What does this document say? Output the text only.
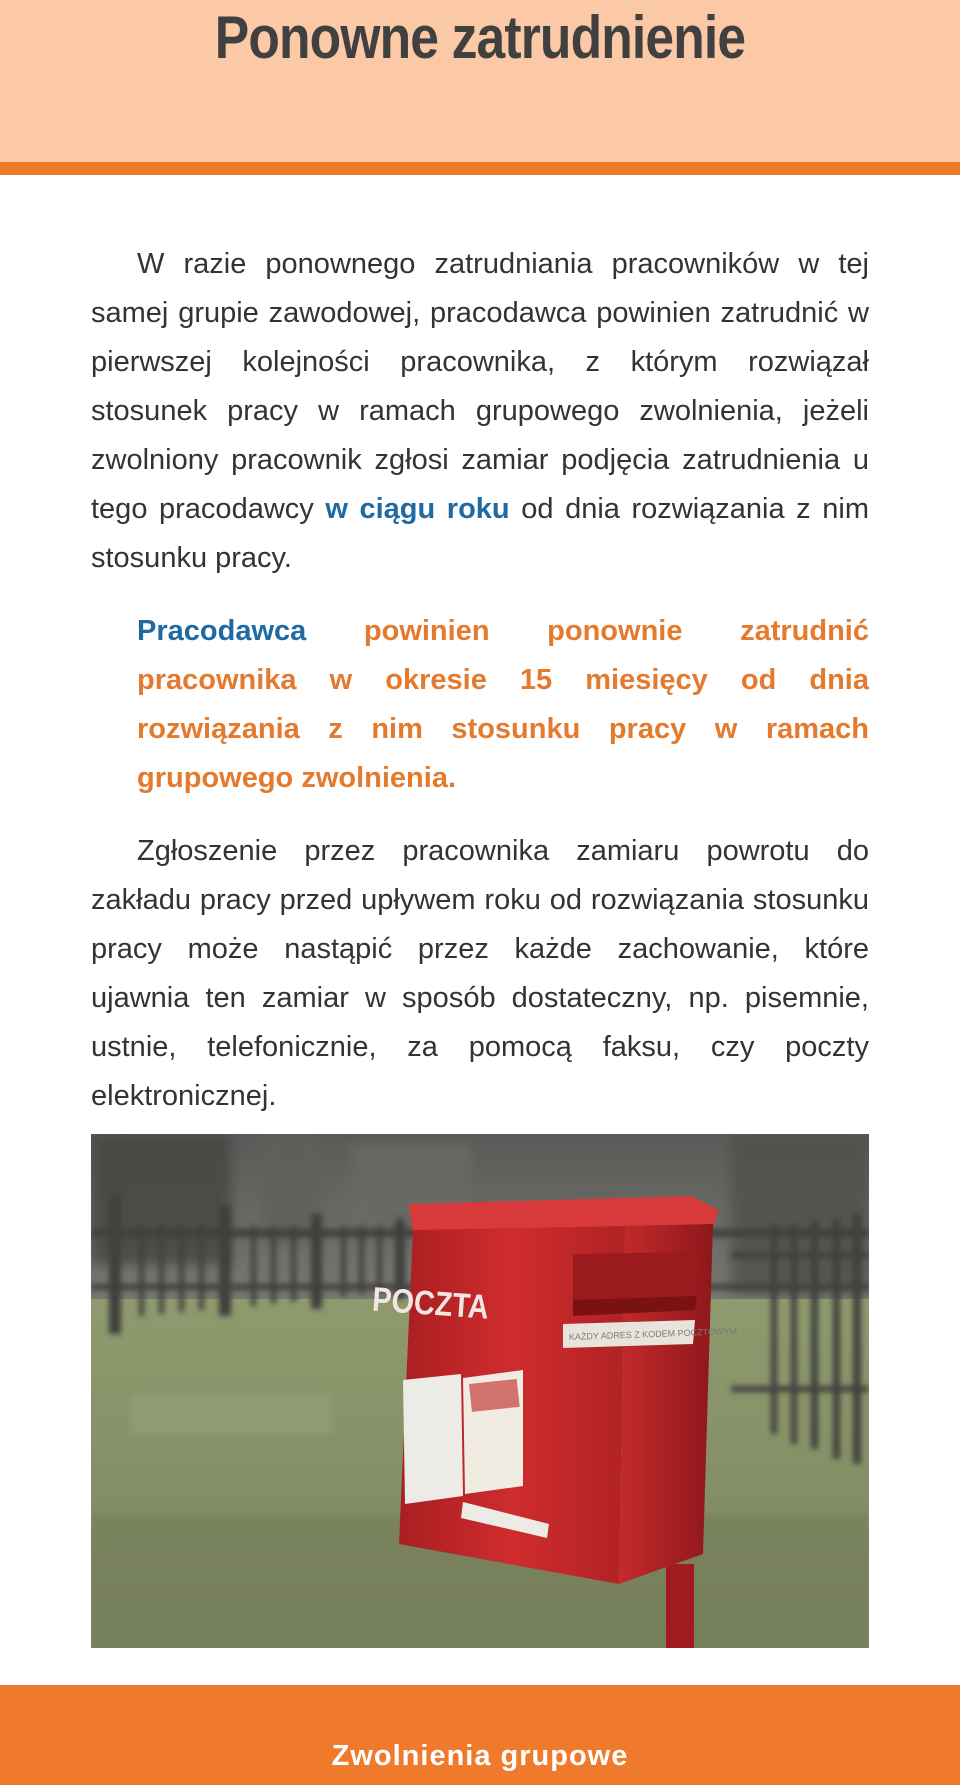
Ponowne zatrudnienie

W razie ponownego zatrudniania pracowników w tej samej grupie zawodowej, pracodawca powinien zatrudnić w pierwszej kolejności pracownika, z którym rozwiązał stosunek pracy w ramach grupowego zwolnienia, jeżeli zwolniony pracownik zgłosi zamiar podjęcia zatrudnienia u tego pracodawcy w ciągu roku od dnia rozwiązania z nim stosunku pracy.

Pracodawca powinien ponownie zatrudnić pracownika w okresie 15 miesięcy od dnia rozwiązania z nim stosunku pracy w ramach grupowego zwolnienia.

Zgłoszenie przez pracownika zamiaru powrotu do zakładu pracy przed upływem roku od rozwiązania stosunku pracy może nastąpić przez każde zachowanie, które ujawnia ten zamiar w sposób dostateczny, np. pisemnie, ustnie, telefonicznie, za pomocą faksu, czy poczty elektronicznej.

KAŻDY ADRES Z KODEM POCZTOWYM
POCZTA
Zwolnienia grupowe
